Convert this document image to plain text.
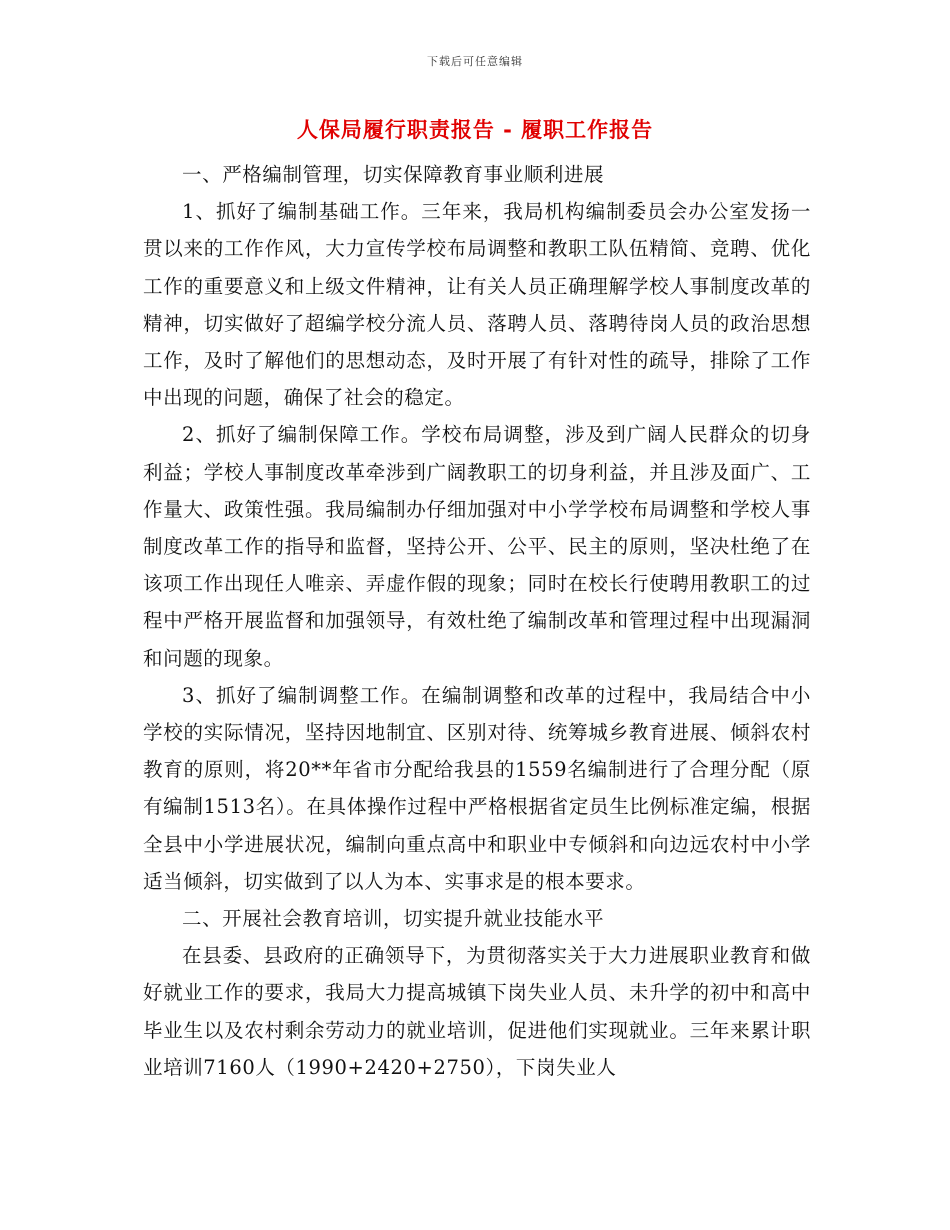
下载后可任意编辑
人保局履行职责报告 - 履职工作报告

一、严格编制管理，切实保障教育事业顺利进展

1、抓好了编制基础工作。三年来，我局机构编制委员会办公室发扬一贯以来的工作作风，大力宣传学校布局调整和教职工队伍精简、竞聘、优化工作的重要意义和上级文件精神，让有关人员正确理解学校人事制度改革的精神，切实做好了超编学校分流人员、落聘人员、落聘待岗人员的政治思想工作，及时了解他们的思想动态，及时开展了有针对性的疏导，排除了工作中出现的问题，确保了社会的稳定。

2、抓好了编制保障工作。学校布局调整，涉及到广阔人民群众的切身利益；学校人事制度改革牵涉到广阔教职工的切身利益，并且涉及面广、工作量大、政策性强。我局编制办仔细加强对中小学学校布局调整和学校人事制度改革工作的指导和监督，坚持公开、公平、民主的原则，坚决杜绝了在该项工作出现任人唯亲、弄虚作假的现象；同时在校长行使聘用教职工的过程中严格开展监督和加强领导，有效杜绝了编制改革和管理过程中出现漏洞和问题的现象。

3、抓好了编制调整工作。在编制调整和改革的过程中，我局结合中小学校的实际情况，坚持因地制宜、区别对待、统筹城乡教育进展、倾斜农村教育的原则，将20**年省市分配给我县的1559名编制进行了合理分配（原有编制1513名）。在具体操作过程中严格根据省定员生比例标准定编，根据全县中小学进展状况，编制向重点高中和职业中专倾斜和向边远农村中小学适当倾斜，切实做到了以人为本、实事求是的根本要求。

二、开展社会教育培训，切实提升就业技能水平

在县委、县政府的正确领导下，为贯彻落实关于大力进展职业教育和做好就业工作的要求，我局大力提高城镇下岗失业人员、未升学的初中和高中毕业生以及农村剩余劳动力的就业培训，促进他们实现就业。三年来累计职业培训7160人（1990+2420+2750），下岗失业人
